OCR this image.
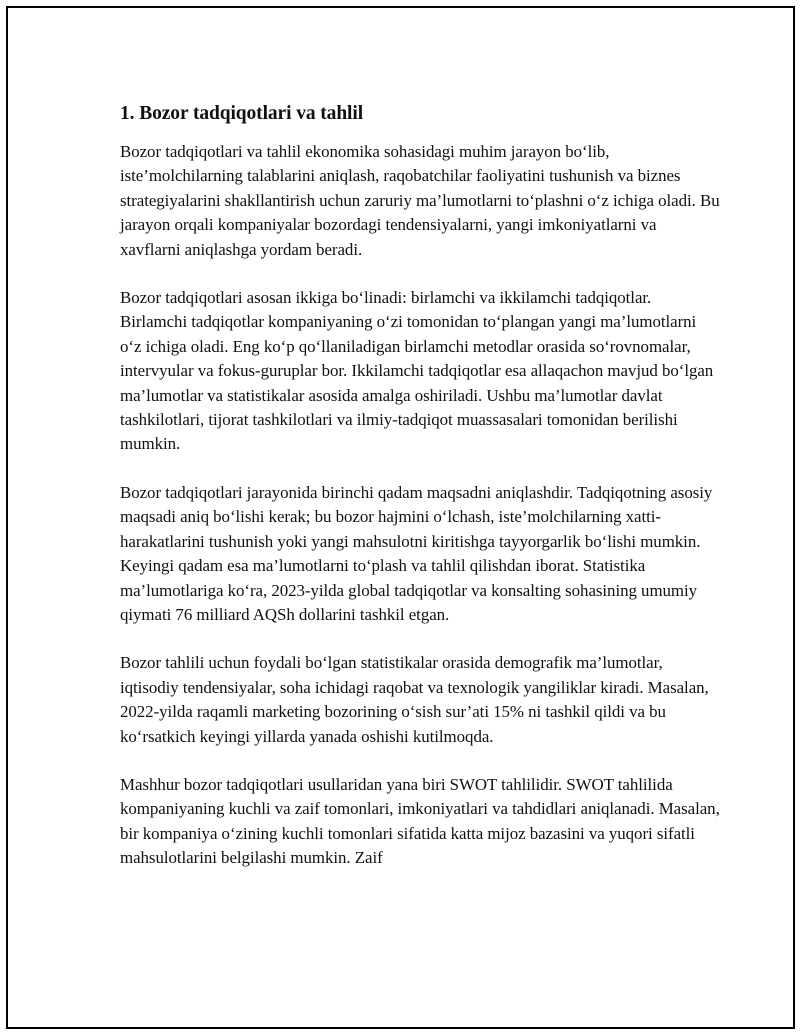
1. Bozor tadqiqotlari va tahlil

Bozor tadqiqotlari va tahlil ekonomika sohasidagi muhim jarayon bo‘lib, iste’molchilarning talablarini aniqlash, raqobatchilar faoliyatini tushunish va biznes strategiyalarini shakllantirish uchun zaruriy ma’lumotlarni to‘plashni o‘z ichiga oladi. Bu jarayon orqali kompaniyalar bozordagi tendensiyalarni, yangi imkoniyatlarni va xavflarni aniqlashga yordam beradi.

Bozor tadqiqotlari asosan ikkiga bo‘linadi: birlamchi va ikkilamchi tadqiqotlar. Birlamchi tadqiqotlar kompaniyaning o‘zi tomonidan to‘plangan yangi ma’lumotlarni o‘z ichiga oladi. Eng ko‘p qo‘llaniladigan birlamchi metodlar orasida so‘rovnomalar, intervyular va fokus-guruplar bor. Ikkilamchi tadqiqotlar esa allaqachon mavjud bo‘lgan ma’lumotlar va statistikalar asosida amalga oshiriladi. Ushbu ma’lumotlar davlat tashkilotlari, tijorat tashkilotlari va ilmiy-tadqiqot muassasalari tomonidan berilishi mumkin.

Bozor tadqiqotlari jarayonida birinchi qadam maqsadni aniqlashdir. Tadqiqotning asosiy maqsadi aniq bo‘lishi kerak; bu bozor hajmini o‘lchash, iste’molchilarning xatti-harakatlarini tushunish yoki yangi mahsulotni kiritishga tayyorgarlik bo‘lishi mumkin. Keyingi qadam esa ma’lumotlarni to‘plash va tahlil qilishdan iborat. Statistika ma’lumotlariga ko‘ra, 2023-yilda global tadqiqotlar va konsalting sohasining umumiy qiymati 76 milliard AQSh dollarini tashkil etgan.

Bozor tahlili uchun foydali bo‘lgan statistikalar orasida demografik ma’lumotlar, iqtisodiy tendensiyalar, soha ichidagi raqobat va texnologik yangiliklar kiradi. Masalan, 2022-yilda raqamli marketing bozorining o‘sish sur’ati 15% ni tashkil qildi va bu ko‘rsatkich keyingi yillarda yanada oshishi kutilmoqda.

Mashhur bozor tadqiqotlari usullaridan yana biri SWOT tahlilidir. SWOT tahlilida kompaniyaning kuchli va zaif tomonlari, imkoniyatlari va tahdidlari aniqlanadi. Masalan, bir kompaniya o‘zining kuchli tomonlari sifatida katta mijoz bazasini va yuqori sifatli mahsulotlarini belgilashi mumkin. Zaif
